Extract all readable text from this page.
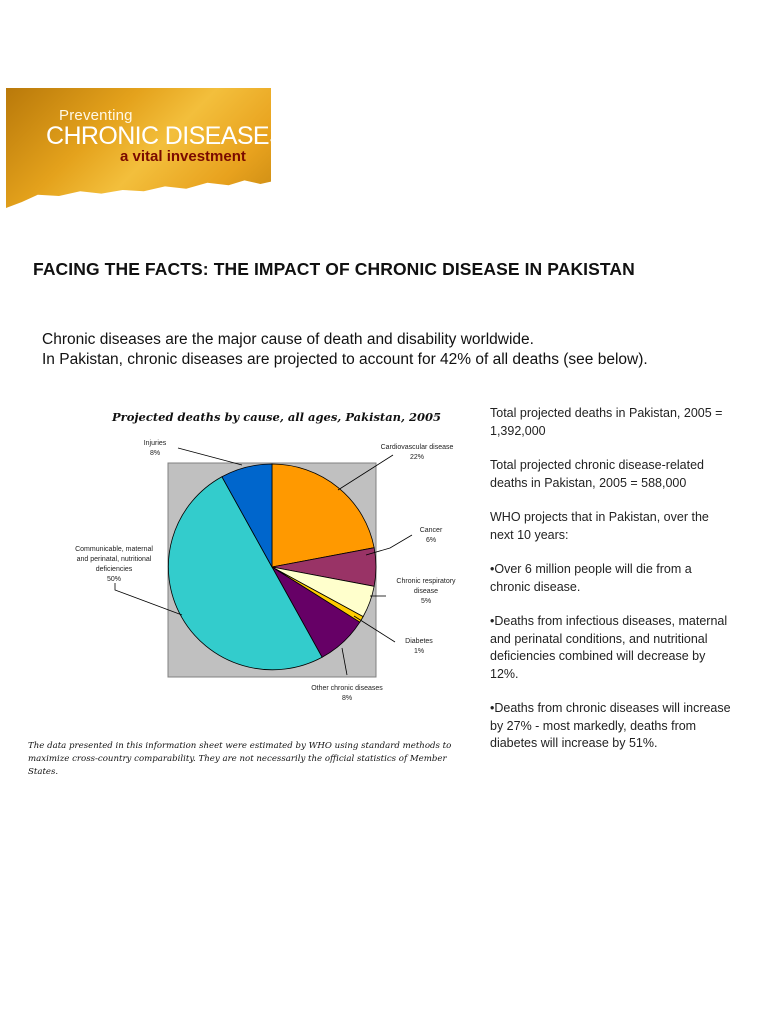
Preventing
CHRONIC DISEASES
a vital investment
FACING THE FACTS: THE IMPACT OF CHRONIC DISEASE IN PAKISTAN
Chronic diseases are the major cause of death and disability worldwide.
In Pakistan, chronic diseases are projected to account for 42% of all deaths (see below).
Projected deaths by cause, all ages, Pakistan, 2005
Cardiovascular disease 22%
Cancer 6%
Chronic respiratory disease 5%
Diabetes 1%
Other chronic diseases 8%
Communicable, maternal and perinatal, nutritional deficiencies 50%
Injuries 8%
The data presented in this information sheet were estimated by WHO using standard methods to maximize cross-country comparability. They are not necessarily the official statistics of Member States.

Total projected deaths in Pakistan, 2005 = 1,392,000

Total projected chronic disease-related deaths in Pakistan, 2005 = 588,000

WHO projects that in Pakistan, over the next 10 years:

•Over 6 million people will die from a chronic disease.

•Deaths from infectious diseases, maternal and perinatal conditions, and nutritional deficiencies combined will decrease by 12%.

•Deaths from chronic diseases will increase by 27% - most markedly, deaths from diabetes will increase by 51%.
